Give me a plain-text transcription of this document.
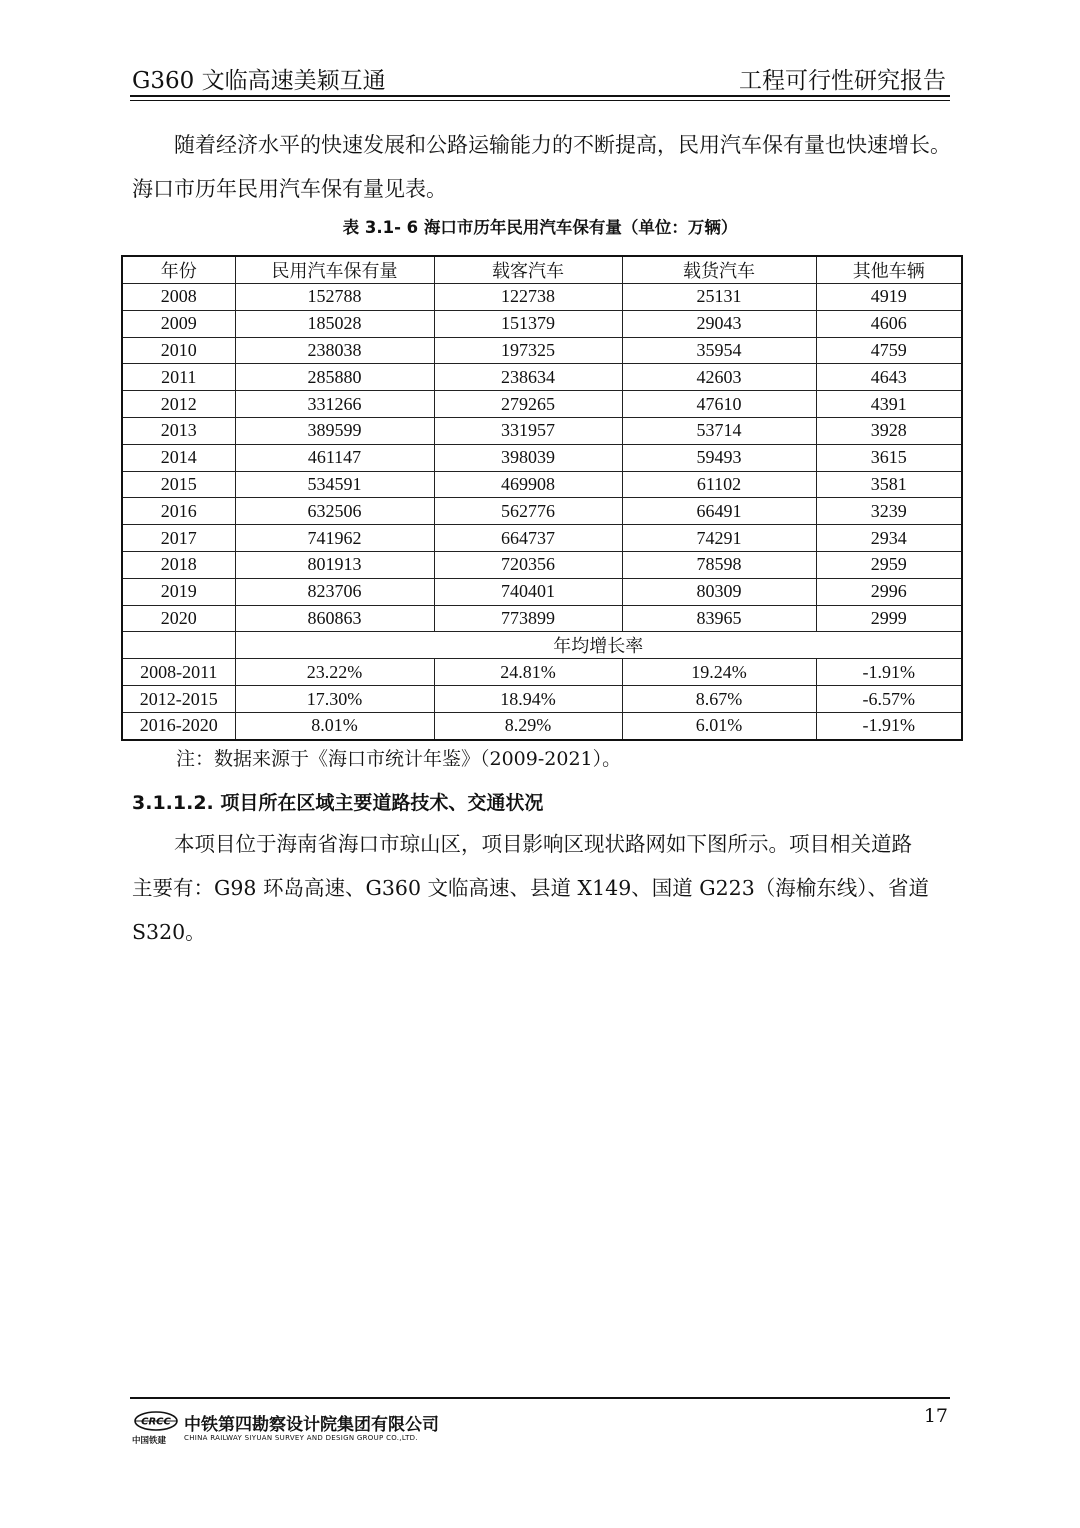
G360 文临高速美颖互通	工程可行性研究报告
随着经济水平的快速发展和公路运输能力的不断提高，民用汽车保有量也快速增长。
海口市历年民用汽车保有量见表。
表 3.1- 6 海口市历年民用汽车保有量（单位：万辆）
年份	民用汽车保有量	载客汽车	载货汽车	其他车辆
2008	152788	122738	25131	4919
2009	185028	151379	29043	4606
2010	238038	197325	35954	4759
2011	285880	238634	42603	4643
2012	331266	279265	47610	4391
2013	389599	331957	53714	3928
2014	461147	398039	59493	3615
2015	534591	469908	61102	3581
2016	632506	562776	66491	3239
2017	741962	664737	74291	2934
2018	801913	720356	78598	2959
2019	823706	740401	80309	2996
2020	860863	773899	83965	2999
	年均增长率			
2008-2011	23.22%	24.81%	19.24%	-1.91%
2012-2015	17.30%	18.94%	8.67%	-6.57%
2016-2020	8.01%	8.29%	6.01%	-1.91%
注：数据来源于《海口市统计年鉴》（2009-2021）。
3.1.1.2. 项目所在区域主要道路技术、交通状况
本项目位于海南省海口市琼山区，项目影响区现状路网如下图所示。项目相关道路
主要有：G98 环岛高速、G360 文临高速、县道 X149、国道 G223（海榆东线）、省道
S320。
CRCC
中国铁建
中铁第四勘察设计院集团有限公司
CHINA RAILWAY SIYUAN SURVEY AND DESIGN GROUP CO.,LTD.
17
